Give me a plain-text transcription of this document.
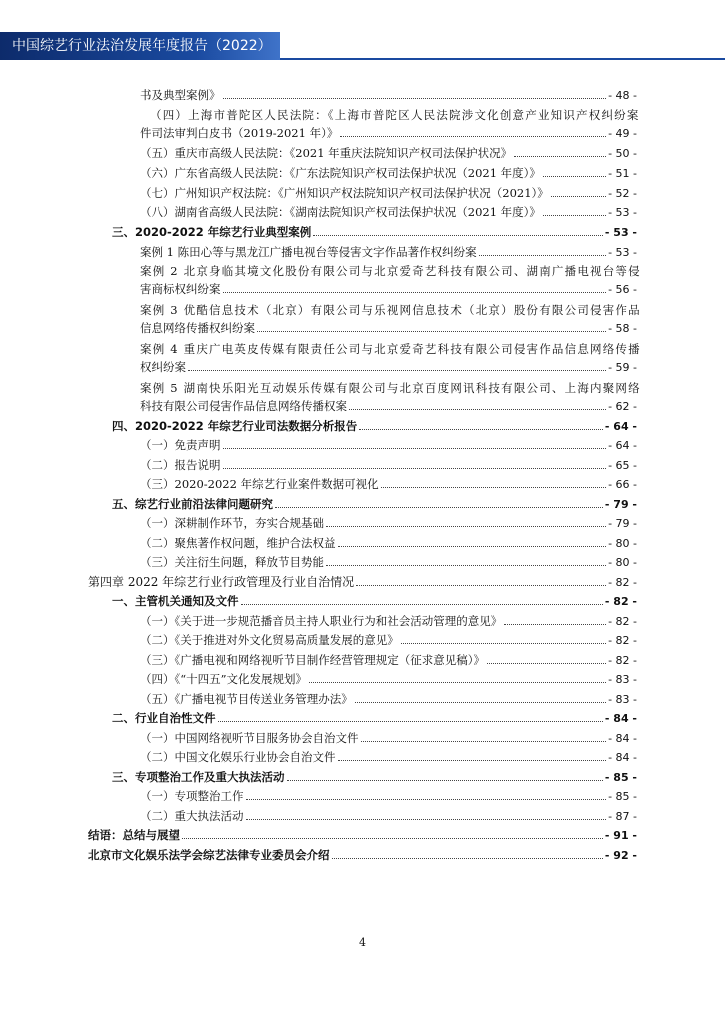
中国综艺行业法治发展年度报告（2022）
书及典型案例》	- 48 -
（四）上海市普陀区人民法院：《上海市普陀区人民法院涉文化创意产业知识产权纠纷案
件司法审判白皮书（2019-2021 年）》	- 49 -
（五）重庆市高级人民法院：《2021 年重庆法院知识产权司法保护状况》	- 50 -
（六）广东省高级人民法院：《广东法院知识产权司法保护状况（2021 年度）》	- 51 -
（七）广州知识产权法院：《广州知识产权法院知识产权司法保护状况（2021）》	- 52 -
（八）湖南省高级人民法院：《湖南法院知识产权司法保护状况（2021 年度）》	- 53 -
三、2020-2022 年综艺行业典型案例	- 53 -
案例 1 陈田心等与黑龙江广播电视台等侵害文字作品著作权纠纷案	- 53 -
案例 2 北京身临其境文化股份有限公司与北京爱奇艺科技有限公司、湖南广播电视台等侵
害商标权纠纷案	- 56 -
案例 3 优酷信息技术（北京）有限公司与乐视网信息技术（北京）股份有限公司侵害作品
信息网络传播权纠纷案	- 58 -
案例 4 重庆广电英皮传媒有限责任公司与北京爱奇艺科技有限公司侵害作品信息网络传播
权纠纷案	- 59 -
案例 5 湖南快乐阳光互动娱乐传媒有限公司与北京百度网讯科技有限公司、上海内聚网络
科技有限公司侵害作品信息网络传播权案	- 62 -
四、2020-2022 年综艺行业司法数据分析报告	- 64 -
（一）免责声明	- 64 -
（二）报告说明	- 65 -
（三）2020-2022 年综艺行业案件数据可视化	- 66 -
五、综艺行业前沿法律问题研究	- 79 -
（一）深耕制作环节，夯实合规基础	- 79 -
（二）聚焦著作权问题，维护合法权益	- 80 -
（三）关注衍生问题，释放节目势能	- 80 -
第四章 2022 年综艺行业行政管理及行业自治情况	- 82 -
一、主管机关通知及文件	- 82 -
（一）《关于进一步规范播音员主持人职业行为和社会活动管理的意见》	- 82 -
（二）《关于推进对外文化贸易高质量发展的意见》	- 82 -
（三）《广播电视和网络视听节目制作经营管理规定（征求意见稿）》	- 82 -
（四）《“十四五”文化发展规划》	- 83 -
（五）《广播电视节目传送业务管理办法》	- 83 -
二、行业自治性文件	- 84 -
（一）中国网络视听节目服务协会自治文件	- 84 -
（二）中国文化娱乐行业协会自治文件	- 84 -
三、专项整治工作及重大执法活动	- 85 -
（一）专项整治工作	- 85 -
（二）重大执法活动	- 87 -
结语：总结与展望	- 91 -
北京市文化娱乐法学会综艺法律专业委员会介绍	- 92 -
4
